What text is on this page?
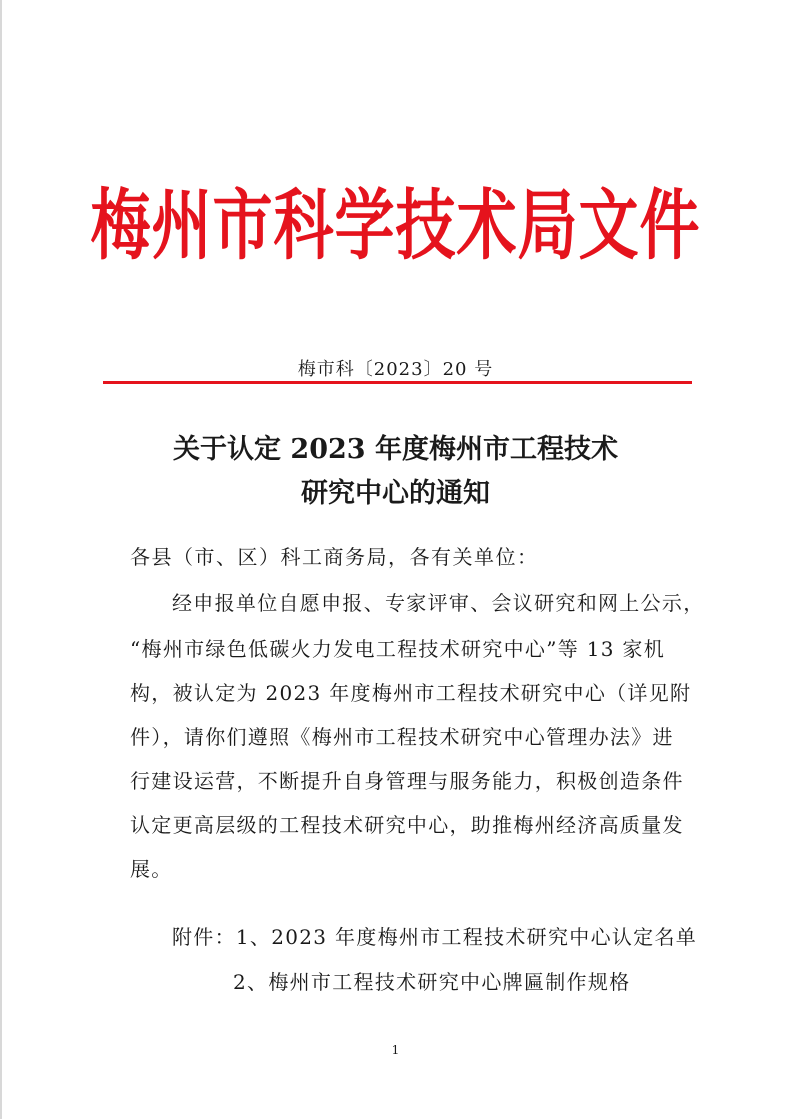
梅州市科学技术局文件
梅市科〔2023〕20 号
关于认定 2023 年度梅州市工程技术
研究中心的通知
各县（市、区）科工商务局，各有关单位：
经申报单位自愿申报、专家评审、会议研究和网上公示，
“梅州市绿色低碳火力发电工程技术研究中心”等 13 家机
构，被认定为 2023 年度梅州市工程技术研究中心（详见附
件），请你们遵照《梅州市工程技术研究中心管理办法》进
行建设运营，不断提升自身管理与服务能力，积极创造条件
认定更高层级的工程技术研究中心，助推梅州经济高质量发
展。
附件：1、2023 年度梅州市工程技术研究中心认定名单
2、梅州市工程技术研究中心牌匾制作规格
1
